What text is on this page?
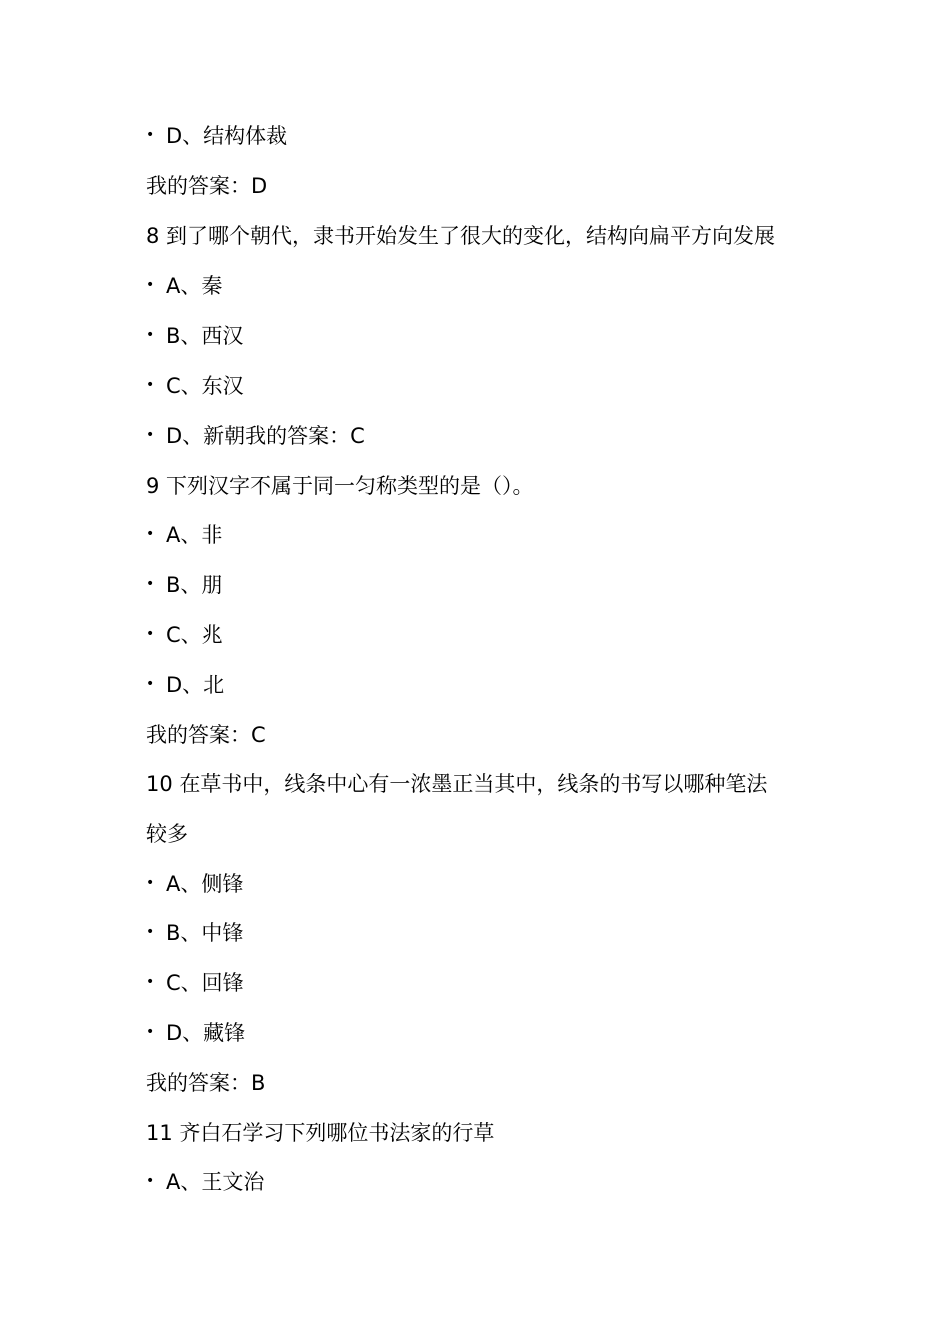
• D、结构体裁
我的答案：D
8 到了哪个朝代，隶书开始发生了很大的变化，结构向扁平方向发展
• A、秦
• B、西汉
• C、东汉
• D、新朝我的答案：C
9 下列汉字不属于同一匀称类型的是（）。
• A、非
• B、朋
• C、兆
• D、北
我的答案：C
10 在草书中，线条中心有一浓墨正当其中，线条的书写以哪种笔法
较多
• A、侧锋
• B、中锋
• C、回锋
• D、藏锋
我的答案：B
11 齐白石学习下列哪位书法家的行草
• A、王文治
